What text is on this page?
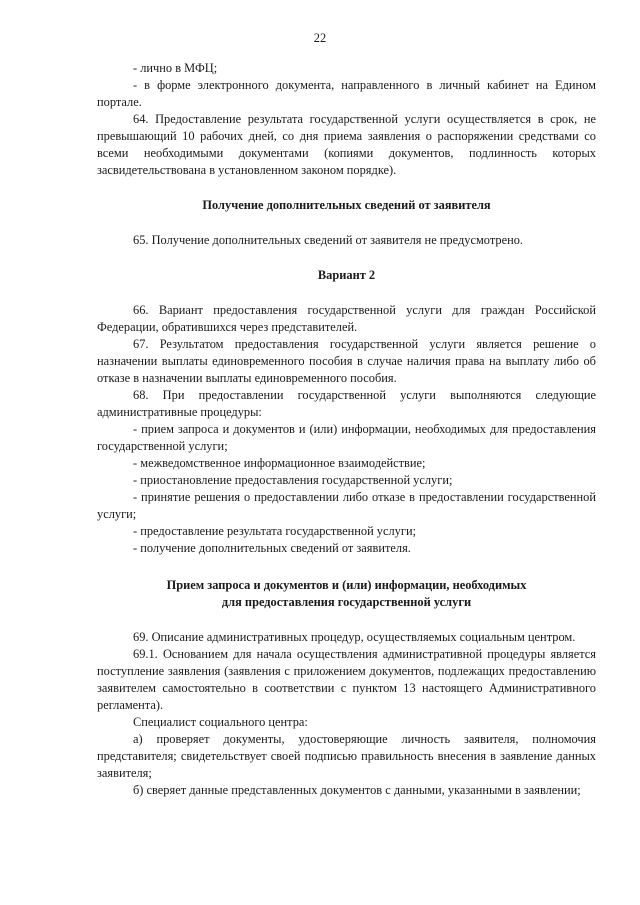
22

- лично в МФЦ;

- в форме электронного документа, направленного в личный кабинет на Едином портале.

64. Предоставление результата государственной услуги осуществляется в срок, не превышающий 10 рабочих дней, со дня приема заявления о распоряжении средствами со всеми необходимыми документами (копиями документов, подлинность которых засвидетельствована в установленном законом порядке).

Получение дополнительных сведений от заявителя

65. Получение дополнительных сведений от заявителя не предусмотрено.

Вариант 2

66. Вариант предоставления государственной услуги для граждан Российской Федерации, обратившихся через представителей.

67. Результатом предоставления государственной услуги является решение о назначении выплаты единовременного пособия в случае наличия права на выплату либо об отказе в назначении выплаты единовременного пособия.

68. При предоставлении государственной услуги выполняются следующие административные процедуры:

- прием запроса и документов и (или) информации, необходимых для предоставления государственной услуги;

- межведомственное информационное взаимодействие;

- приостановление предоставления государственной услуги;

- принятие решения о предоставлении либо отказе в предоставлении государственной услуги;

- предоставление результата государственной услуги;

- получение дополнительных сведений от заявителя.

Прием запроса и документов и (или) информации, необходимых

для предоставления государственной услуги

69. Описание административных процедур, осуществляемых социальным центром.

69.1. Основанием для начала осуществления административной процедуры является поступление заявления (заявления с приложением документов, подлежащих предоставлению заявителем самостоятельно в соответствии с пунктом 13 настоящего Административного регламента).

Специалист социального центра:

а) проверяет документы, удостоверяющие личность заявителя, полномочия представителя; свидетельствует своей подписью правильность внесения в заявление данных заявителя;

б) сверяет данные представленных документов с данными, указанными в заявлении;
